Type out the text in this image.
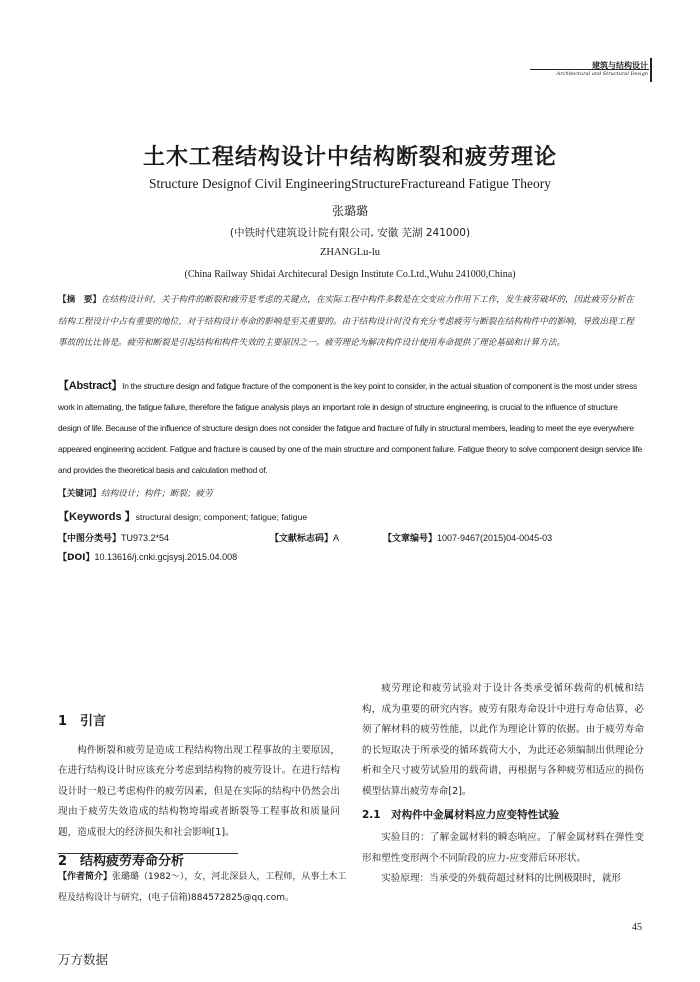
建筑与结构设计
Architectural and Structural Design
土木工程结构设计中结构断裂和疲劳理论
Structure Designof Civil EngineeringStructureFractureand Fatigue Theory
张璐璐
(中铁时代建筑设计院有限公司, 安徽 芜湖 241000)
ZHANGLu-lu
(China Railway Shidai Architecural Design Institute Co.Ltd.,Wuhu 241000,China)
【摘　要】在结构设计时，关于构件的断裂和疲劳是考虑的关键点，在实际工程中构件多数是在交变应力作用下工作，发生疲劳破坏的，因此疲劳分析在结构工程设计中占有重要的地位，对于结构设计寿命的影响是至关重要的。由于结构设计时没有充分考虑疲劳与断裂在结构构件中的影响，导致出现工程事故的比比皆是。疲劳和断裂是引起结构和构件失效的主要原因之一。疲劳理论为解决构件设计使用寿命提供了理论基础和计算方法。
【Abstract】In the structure design and fatigue fracture of the component is the key point to consider, in the actual situation of component is the most under stress work in alternating, the fatigue failure, therefore the fatigue analysis plays an important role in design of structure engineering, is crucial to the influence of structure design of life. Because of the influence of structure design does not consider the fatigue and fracture of fully in structural members, leading to meet the eye everywhere appeared engineering accident. Fatigue and fracture is caused by one of the main structure and component failure. Fatigue theory to solve component design service life and provides the theoretical basis and calculation method of.
【关键词】结构设计；构件；断裂；疲劳
【Keywords 】structural design; component; fatigue; fatigue
【中图分类号】TU973.2*54	【文献标志码】A	【文章编号】1007-9467(2015)04-0045-03
【DOI】10.13616/j.cnki.gcjsysj.2015.04.008
1　引言

构件断裂和疲劳是造成工程结构物出现工程事故的主要原因，在进行结构设计时应该充分考虑到结构物的疲劳设计。在进行结构设计时一般已考虑构件的疲劳因素，但是在实际的结构中仍然会出现由于疲劳失效造成的结构物垮塌或者断裂等工程事故和质量问题，造成很大的经济损失和社会影响[1]。

2　结构疲劳寿命分析

疲劳理论和疲劳试验对于设计各类承受循环载荷的机械和结构，成为重要的研究内容。疲劳有限寿命设计中进行寿命估算，必须了解材料的疲劳性能，以此作为理论计算的依据。由于疲劳寿命的长短取决于所承受的循环载荷大小，为此还必须编制出供理论分析和全尺寸疲劳试验用的载荷谱，再根据与各种疲劳相适应的损伤模型估算出疲劳寿命[2]。

2.1　对构件中金属材料应力应变特性试验

实验目的：了解金属材料的瞬态响应。了解金属材料在弹性变形和塑性变形两个不同阶段的应力-应变滞后环形状。

实验原理：当承受的外载荷超过材料的比例极限时，就形

【作者简介】张璐璐（1982～），女，河北深县人，工程师，从事土木工程及结构设计与研究，(电子信箱)884572825@qq.com。
45
万方数据
